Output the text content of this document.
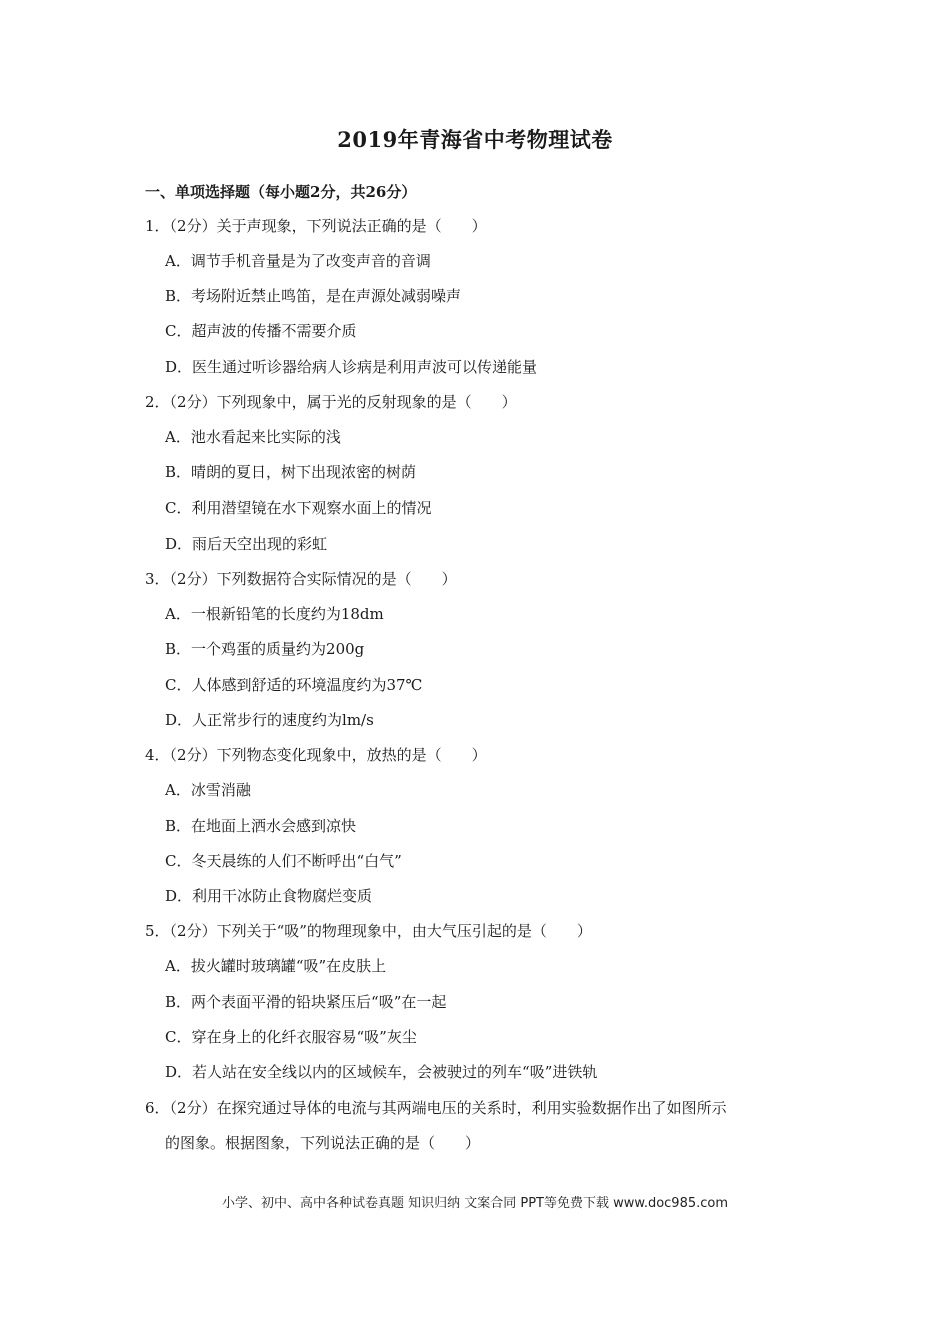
2019年青海省中考物理试卷
一、单项选择题（每小题2分，共26分）
1．（2分）关于声现象，下列说法正确的是（　　）
A．调节手机音量是为了改变声音的音调
B．考场附近禁止鸣笛，是在声源处减弱噪声
C．超声波的传播不需要介质
D．医生通过听诊器给病人诊病是利用声波可以传递能量
2．（2分）下列现象中，属于光的反射现象的是（　　）
A．池水看起来比实际的浅
B．晴朗的夏日，树下出现浓密的树荫
C．利用潜望镜在水下观察水面上的情况
D．雨后天空出现的彩虹
3．（2分）下列数据符合实际情况的是（　　）
A．一根新铅笔的长度约为18dm
B．一个鸡蛋的质量约为200g
C．人体感到舒适的环境温度约为37℃
D．人正常步行的速度约为lm/s
4．（2分）下列物态变化现象中，放热的是（　　）
A．冰雪消融
B．在地面上洒水会感到凉快
C．冬天晨练的人们不断呼出“白气”
D．利用干冰防止食物腐烂变质
5．（2分）下列关于“吸”的物理现象中，由大气压引起的是（　　）
A．拔火罐时玻璃罐“吸”在皮肤上
B．两个表面平滑的铅块紧压后“吸”在一起
C．穿在身上的化纤衣服容易“吸”灰尘
D．若人站在安全线以内的区域候车，会被驶过的列车“吸”进铁轨
6．（2分）在探究通过导体的电流与其两端电压的关系时，利用实验数据作出了如图所示
的图象。根据图象，下列说法正确的是（　　）
小学、初中、高中各种试卷真题 知识归纳 文案合同 PPT等免费下载 www.doc985.com
